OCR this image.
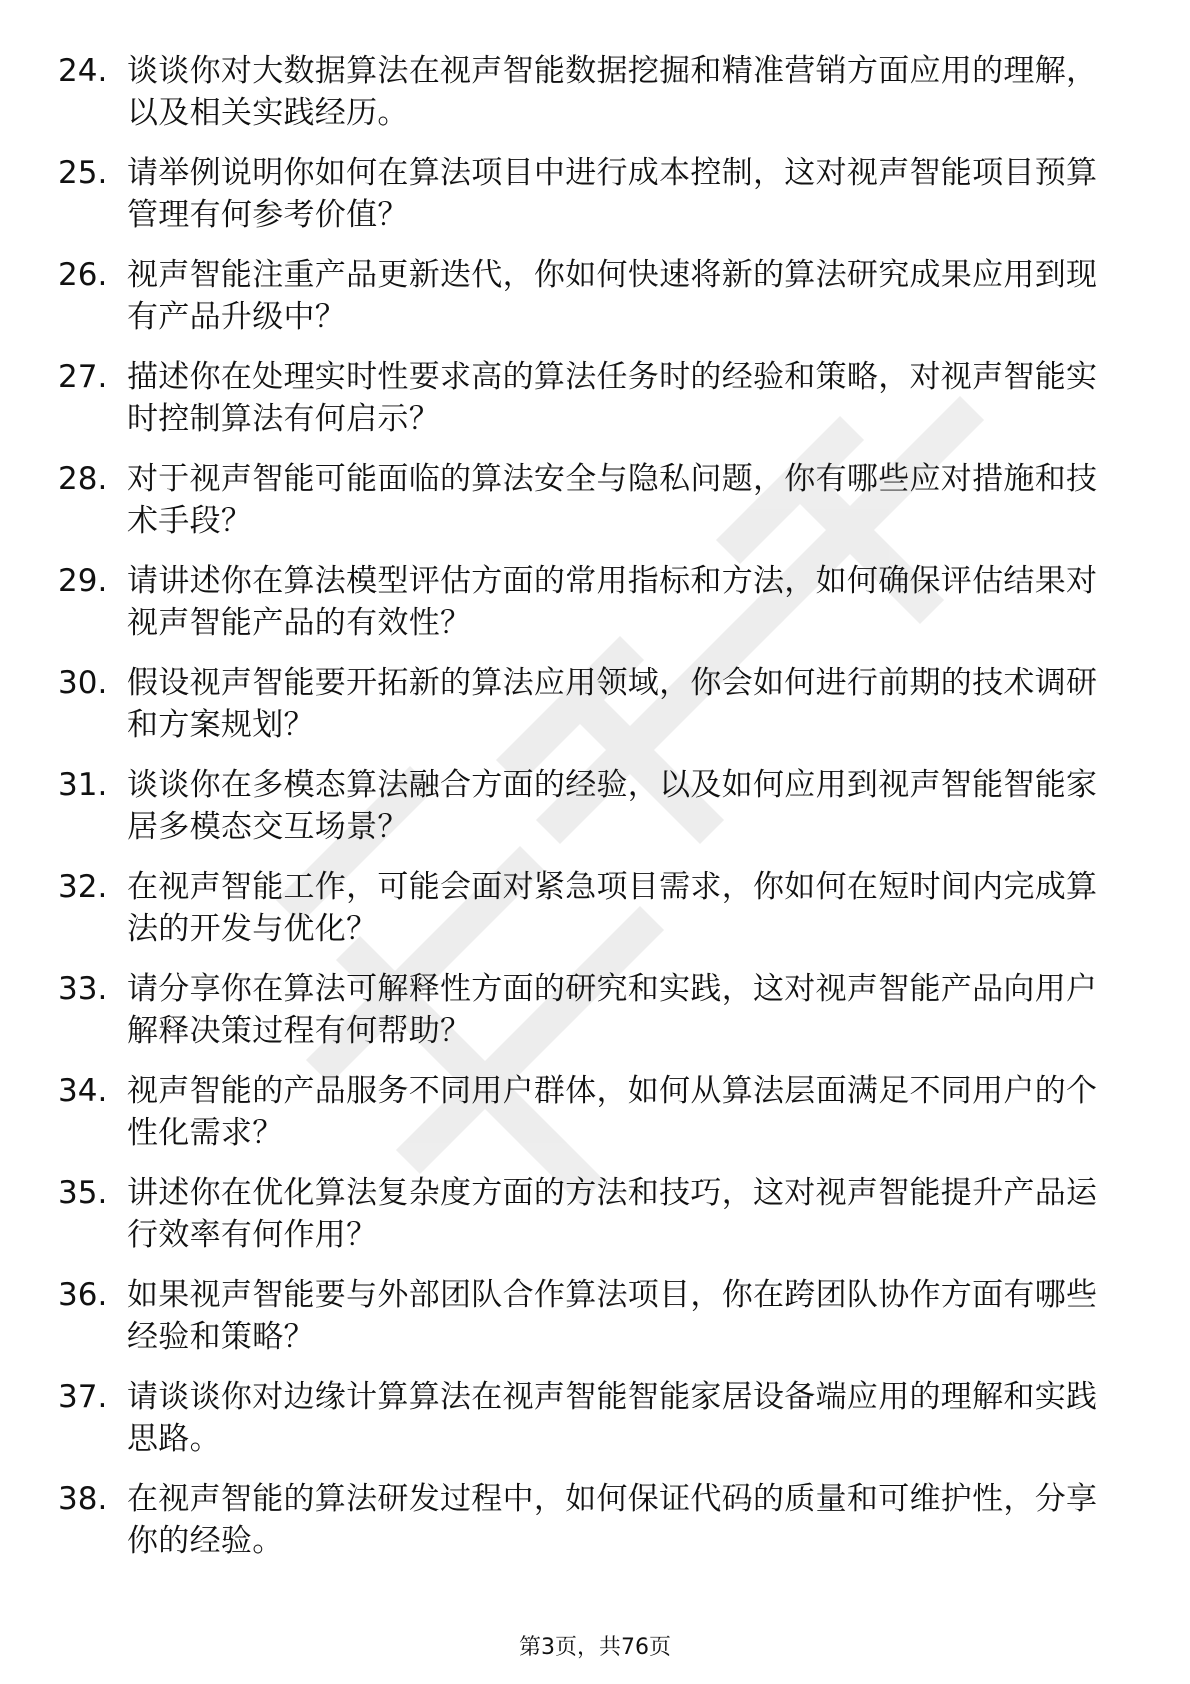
24. 谈谈你对大数据算法在视声智能数据挖掘和精准营销方面应用的理解，以及相关实践经历。
25. 请举例说明你如何在算法项目中进行成本控制，这对视声智能项目预算管理有何参考价值？
26. 视声智能注重产品更新迭代，你如何快速将新的算法研究成果应用到现有产品升级中？
27. 描述你在处理实时性要求高的算法任务时的经验和策略，对视声智能实时控制算法有何启示？
28. 对于视声智能可能面临的算法安全与隐私问题，你有哪些应对措施和技术手段？
29. 请讲述你在算法模型评估方面的常用指标和方法，如何确保评估结果对视声智能产品的有效性？
30. 假设视声智能要开拓新的算法应用领域，你会如何进行前期的技术调研和方案规划？
31. 谈谈你在多模态算法融合方面的经验，以及如何应用到视声智能智能家居多模态交互场景？
32. 在视声智能工作，可能会面对紧急项目需求，你如何在短时间内完成算法的开发与优化？
33. 请分享你在算法可解释性方面的研究和实践，这对视声智能产品向用户解释决策过程有何帮助？
34. 视声智能的产品服务不同用户群体，如何从算法层面满足不同用户的个性化需求？
35. 讲述你在优化算法复杂度方面的方法和技巧，这对视声智能提升产品运行效率有何作用？
36. 如果视声智能要与外部团队合作算法项目，你在跨团队协作方面有哪些经验和策略？
37. 请谈谈你对边缘计算算法在视声智能智能家居设备端应用的理解和实践思路。
38. 在视声智能的算法研发过程中，如何保证代码的质量和可维护性，分享你的经验。
第3页，共76页
